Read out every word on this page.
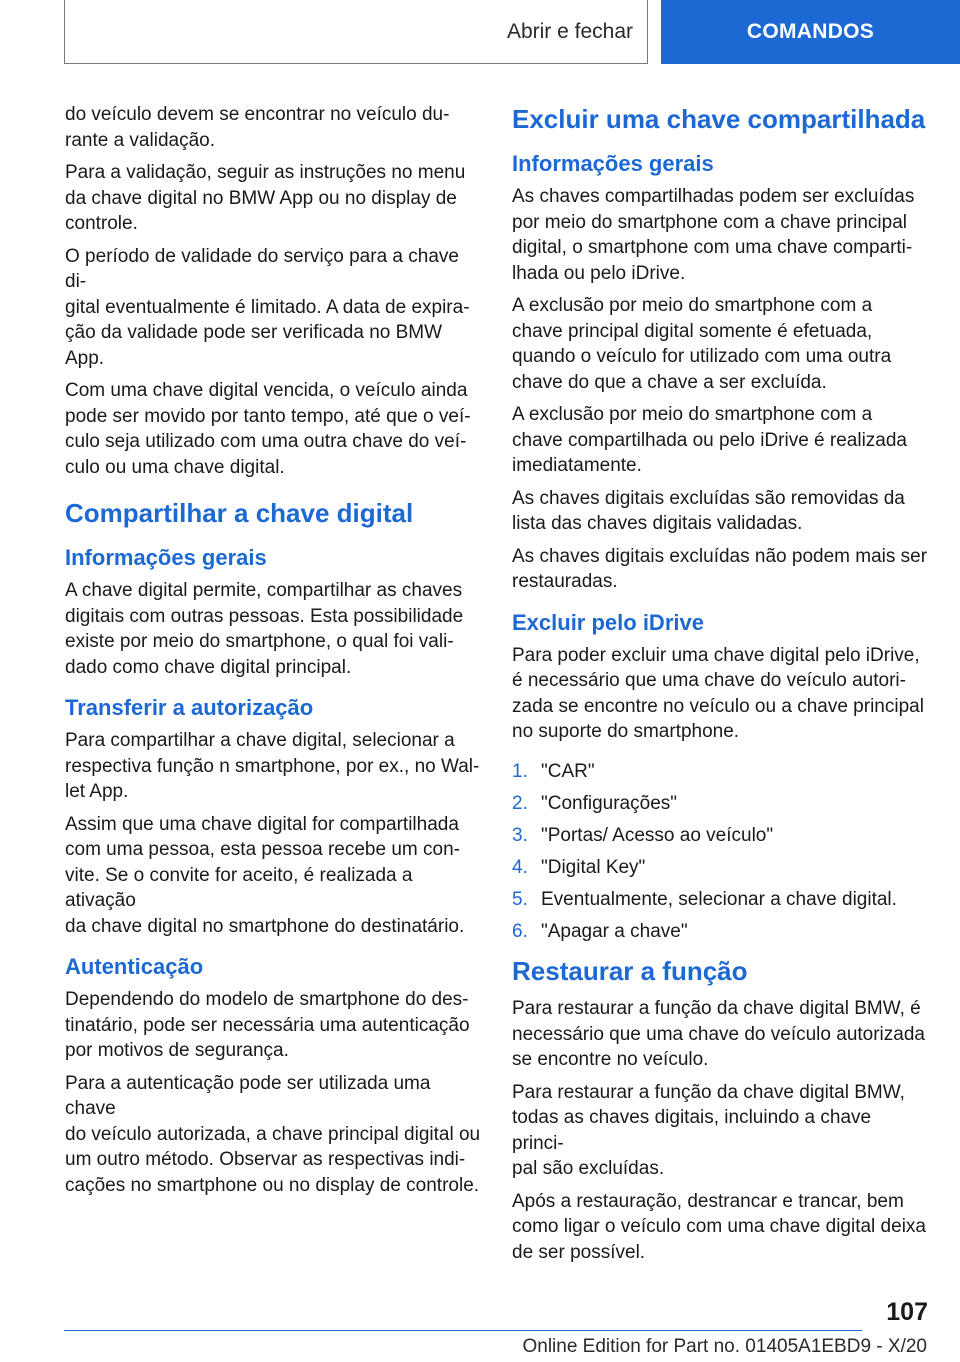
Abrir e fechar	COMANDOS

do veículo devem se encontrar no veículo du‐
rante a validação.

Para a validação, seguir as instruções no menu
da chave digital no BMW App ou no display de
controle.

O período de validade do serviço para a chave di‐
gital eventualmente é limitado. A data de expira‐
ção da validade pode ser verificada no BMW
App.

Com uma chave digital vencida, o veículo ainda
pode ser movido por tanto tempo, até que o veí‐
culo seja utilizado com uma outra chave do veí‐
culo ou uma chave digital.

Compartilhar a chave digital
Informações gerais

A chave digital permite, compartilhar as chaves
digitais com outras pessoas. Esta possibilidade
existe por meio do smartphone, o qual foi vali‐
dado como chave digital principal.

Transferir a autorização

Para compartilhar a chave digital, selecionar a
respectiva função n smartphone, por ex., no Wal‐
let App.

Assim que uma chave digital for compartilhada
com uma pessoa, esta pessoa recebe um con‐
vite. Se o convite for aceito, é realizada a ativação
da chave digital no smartphone do destinatário.

Autenticação

Dependendo do modelo de smartphone do des‐
tinatário, pode ser necessária uma autenticação
por motivos de segurança.

Para a autenticação pode ser utilizada uma chave
do veículo autorizada, a chave principal digital ou
um outro método. Observar as respectivas indi‐
cações no smartphone ou no display de controle.

Excluir uma chave compartilhada
Informações gerais

As chaves compartilhadas podem ser excluídas
por meio do smartphone com a chave principal
digital, o smartphone com uma chave comparti‐
lhada ou pelo iDrive.

A exclusão por meio do smartphone com a
chave principal digital somente é efetuada,
quando o veículo for utilizado com uma outra
chave do que a chave a ser excluída.

A exclusão por meio do smartphone com a
chave compartilhada ou pelo iDrive é realizada
imediatamente.

As chaves digitais excluídas são removidas da
lista das chaves digitais validadas.

As chaves digitais excluídas não podem mais ser
restauradas.

Excluir pelo iDrive

Para poder excluir uma chave digital pelo iDrive,
é necessário que uma chave do veículo autori‐
zada se encontre no veículo ou a chave principal
no suporte do smartphone.

1. "CAR"
2. "Configurações"
3. "Portas/ Acesso ao veículo"
4. "Digital Key"
5. Eventualmente, selecionar a chave digital.
6. "Apagar a chave"
Restaurar a função

Para restaurar a função da chave digital BMW, é
necessário que uma chave do veículo autorizada
se encontre no veículo.

Para restaurar a função da chave digital BMW,
todas as chaves digitais, incluindo a chave princi‐
pal são excluídas.

Após a restauração, destrancar e trancar, bem
como ligar o veículo com uma chave digital deixa
de ser possível.

107
Online Edition for Part no. 01405A1EBD9 - X/20
